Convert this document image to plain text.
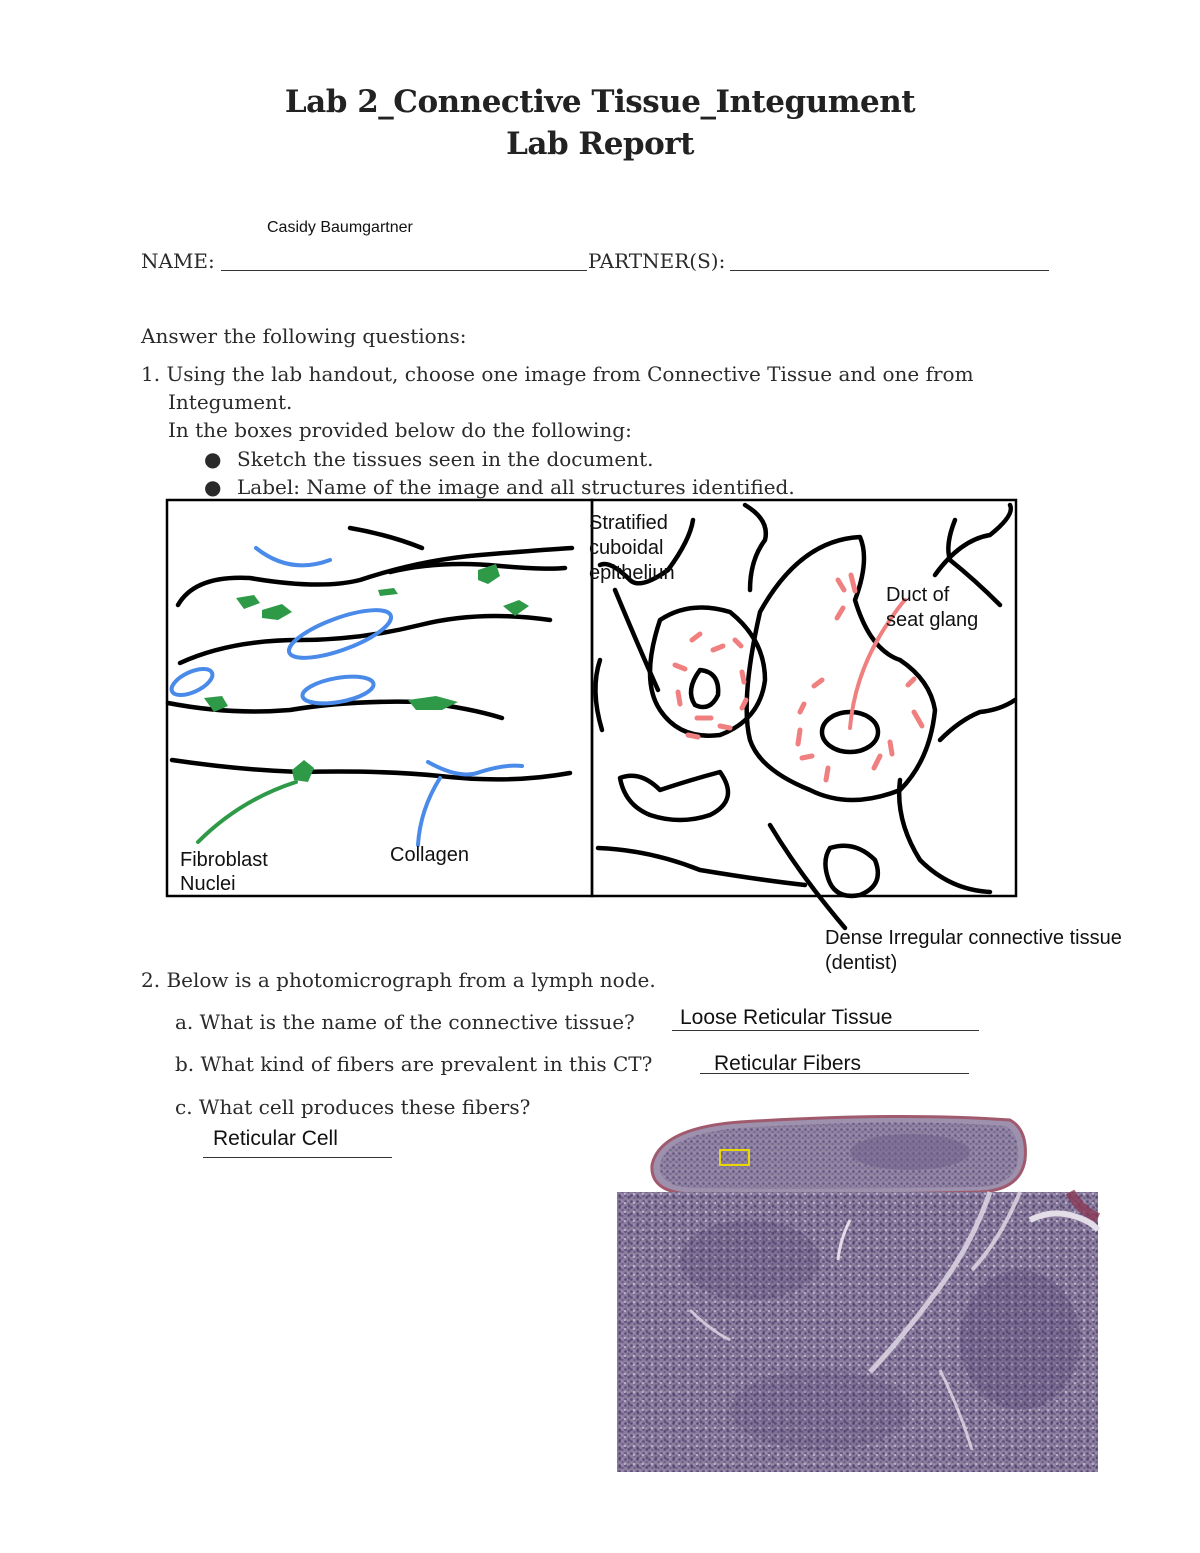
Lab 2_Connective Tissue_Integument
Lab Report
Casidy Baumgartner
NAME:	PARTNER(S):
Answer the following questions:
1. Using the lab handout, choose one image from Connective Tissue and one from
Integument.
In the boxes provided below do the following:
● Sketch the tissues seen in the document.
● Label: Name of the image and all structures identified.
Fibroblast
Nuclei
Collagen
Stratified
cuboidal
epitheliun
Duct of
seat glang
Dense Irregular connective tissue
(dentist)
2. Below is a photomicrograph from a lymph node.
a. What is the name of the connective tissue? Loose Reticular Tissue
b. What kind of fibers are prevalent in this CT?	Reticular Fibers
c. What cell produces these fibers?
Reticular Cell
